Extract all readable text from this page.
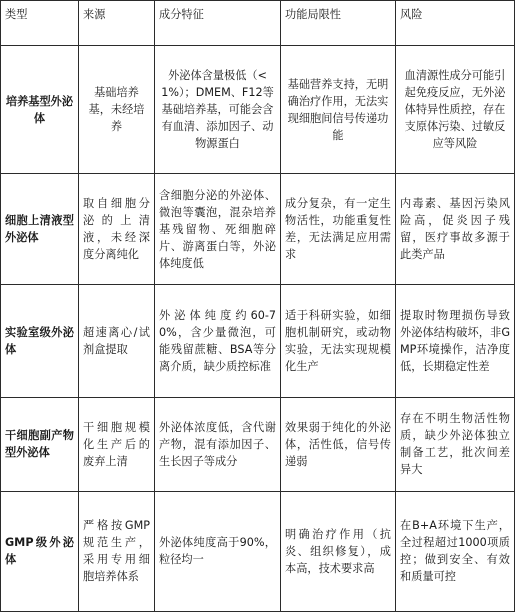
类型	来源	成分特征	功能局限性	风险
培养基型外泌体	基础培养基，未经培养	外泌体含量极低（<1%）；DMEM、F12等基础培养基，可能会含有血清、添加因子、动物源蛋白	基础营养支持，无明确治疗作用，无法实现细胞间信号传递功能	血清源性成分可能引起免疫反应，无外泌体特异性质控，存在支原体污染、过敏反应等风险
细胞上清液型外泌体	取自细胞分泌的上清液，未经深度分离纯化	含细胞分泌的外泌体、微泡等囊泡，混杂培养基残留物、死细胞碎片、游离蛋白等，外泌体纯度低	成分复杂，有一定生物活性，功能重复性差，无法满足应用需求	内毒素、基因污染风险高，促炎因子残留，医疗事故多源于此类产品
实验室级外泌体	超速离心/试剂盒提取	外泌体纯度约60-70%，含少量微泡，可能残留蔗糖、BSA等分离介质，缺少质控标准	适于科研实验，如细胞机制研究，或动物实验，无法实现规模化生产	提取时物理损伤导致外泌体结构破坏，非GMP环境操作，洁净度低，长期稳定性差
干细胞副产物型外泌体	干细胞规模化生产后的废弃上清	外泌体浓度低，含代谢产物，混有添加因子、生长因子等成分	效果弱于纯化的外泌体，活性低，信号传递弱	存在不明生物活性物质，缺少外泌体独立制备工艺，批次间差异大
GMP级外泌体	严格按GMP规范生产，采用专用细胞培养体系	外泌体纯度高于90%，粒径均一	明确治疗作用（抗炎、组织修复），成本高，技术要求高	在B+A环境下生产，全过程超过1000项质控；做到安全、有效和质量可控
